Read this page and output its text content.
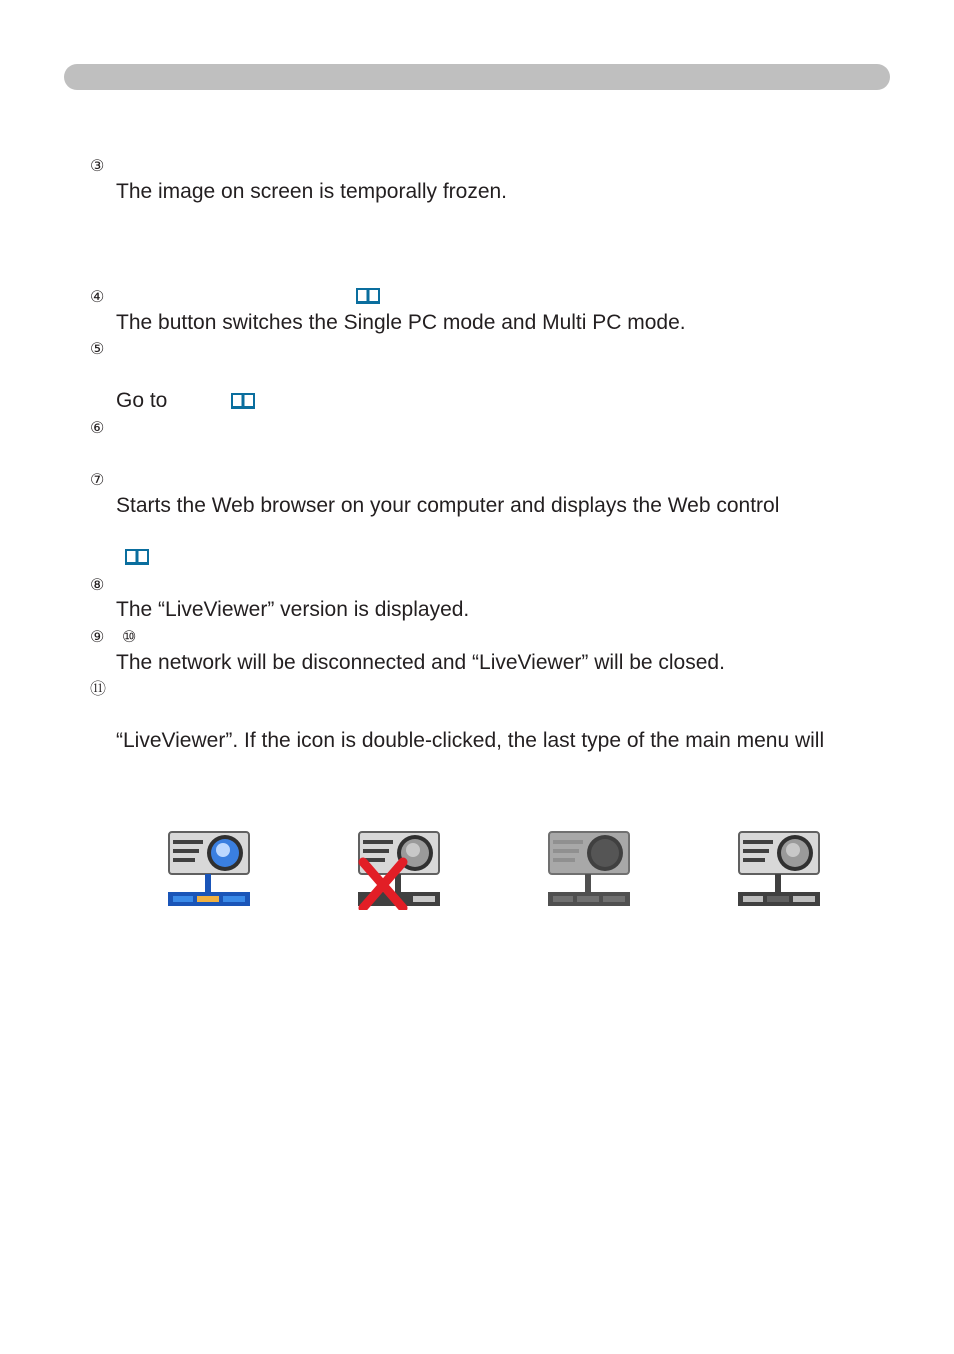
③
The image on screen is temporally frozen.
④
The button switches the Single PC mode and Multi PC mode.
⑤
Go to
⑥
⑦
Starts the Web browser on your computer and displays the Web control
⑧
The “LiveViewer” version is displayed.
⑨ ⑩
The network will be disconnected and “LiveViewer” will be closed.
⑪
“LiveViewer”. If the icon is double-clicked, the last type of the main menu will
